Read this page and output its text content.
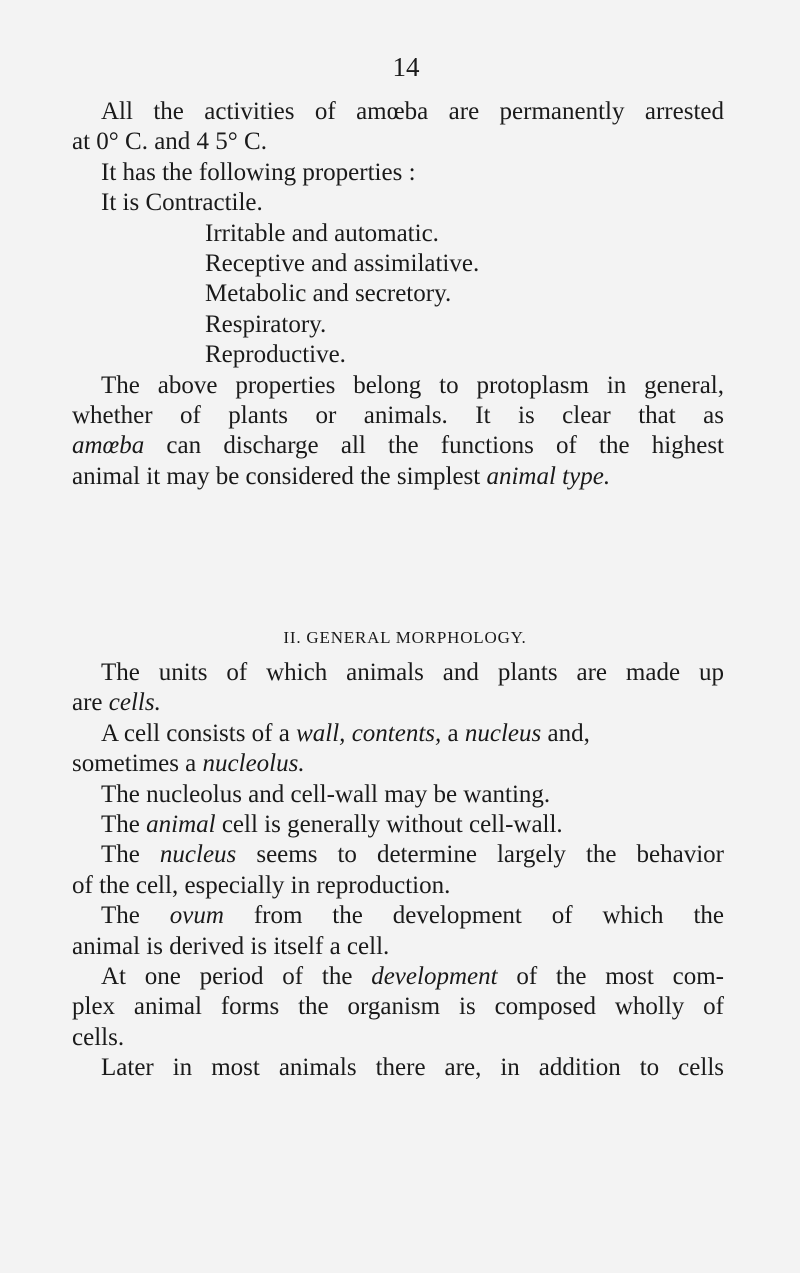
14
All the activities of amœba are permanently arrested
at 0° C. and 4 5° C.
It has the following properties :
It is Contractile.
Irritable and automatic.
Receptive and assimilative.
Metabolic and secretory.
Respiratory.
Reproductive.
The above properties belong to protoplasm in general,
whether of plants or animals. It is clear that as
amœba can discharge all the functions of the highest
animal it may be considered the simplest animal type.
II. GENERAL MORPHOLOGY.
The units of which animals and plants are made up
are cells.
A cell consists of a wall, contents, a nucleus and,
sometimes a nucleolus.
The nucleolus and cell-wall may be wanting.
The animal cell is generally without cell-wall.
The nucleus seems to determine largely the behavior
of the cell, especially in reproduction.
The ovum from the development of which the
animal is derived is itself a cell.
At one period of the development of the most com-
plex animal forms the organism is composed wholly of
cells.
Later in most animals there are, in addition to cells
